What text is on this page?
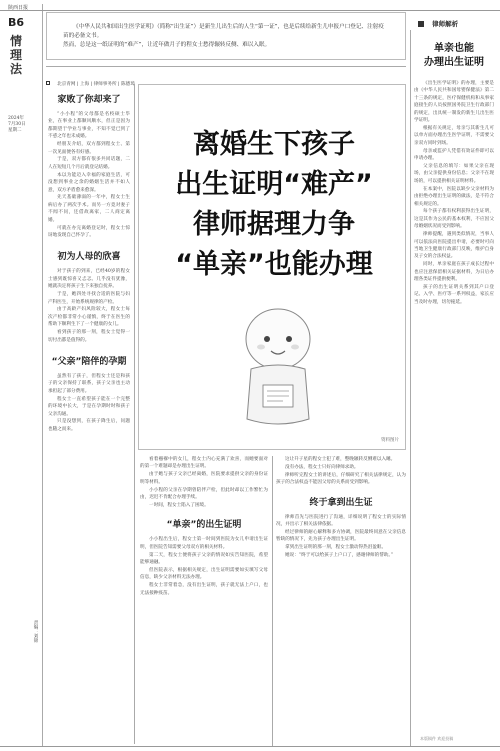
陕西日报
B6
情理法
2024年
7月30日
星期二
责编：刘锦
律师解析
《中华人民共和国出生医学证明》（简称“出生证”）是新生儿出生后的人生“第一证”，也是后续给新生儿申报户口登记、注射疫苗的必备文书。
然而，总是这一纸证明的“难产”，让近年做月子的程女士愁得辗转反侧、难以入眠。
北京青网 | 上海 | 律师事务所 | 陈德璋
家败了你却来了

“小小程”的父母都是名校硕士毕业，在事业上都顺风顺水，但正是因为都期望于学业与事业，不知不觉已到了不惑之年也未成婚。

经朋友介绍，双方都到程女士、第一次见面便各有好感。

于是，双方都有很多共同话题，二人在短短几个月后就登记结婚。

本以为能迈入幸福的家庭生活，可没想到事业之余的婚姻生活并不如人意，双方矛盾愈来愈深。

先天基础薄弱的一年中，程女士生病后办了两次手术。而另一方竟对妻子不闻不问，还借故离家，二人商定离婚。

可就在办完离婚登记时，程女士惊讶地发现自己怀孕了。

初为人母的欣喜

对于孩子的到来，已经40岁的程女士感到既惊喜又忐忑。几乎没有犹豫，她就决定将孩子生下来独自抚养。

于是，她四处寻找合适的医院与妇产科医生，开始系统规律的产检。

由于高龄产妇风险较大，程女士每次产检都非常小心谨慎，终于在医生的帮助下顺利生下了一个健康的女儿。

看到孩子的那一刻，程女士觉得一切付出都是值得的。

“父亲”陪伴的孕期

虽然有了孩子，但程女士还是和孩子的父亲保持了联系，孩子父亲也主动承担起了部分费用。

程女士一直希望孩子能在一个完整的环境中长大，于是在孕期时时和孩子父亲沟通。

只是没想到，在孩子降生后，问题也随之而来。

离婚生下孩子
出生证明“难产”
律师据理力争
“单亲”也能办理
资料图片

看着襁褓中的女儿，程女士内心充满了欢喜，而她要面对的第一个难题却是办理出生证明。

由于她与孩子父亲已经离婚，医院要求提供父亲的身份证明等材料。

小小程的父亲在孕期曾陪伴产检，但此时却以工作繁忙为由，迟迟不肯配合办理手续。

一时间，程女士陷入了困境。

“单亲”的出生证明

小小程出生后，程女士第一时间到医院为女儿申请出生证明，但医院告知需要父母双方的相关材料。

第二天，程女士便将孩子父亲的情况如实告知医院，希望能够通融。

但医院表示，根据相关规定，出生证明需要如实填写父母信息，缺少父亲材料无法办理。

程女士非常着急，没有出生证明，孩子就无法上户口，也无法接种疫苗。

这让升子星的程女士犯了难，整晚辗转反侧难以入睡。

没有办法，程女士只好向律师求助。

律师听完程女士的讲述后，仔细研究了相关法律规定，认为孩子的合法权益不能因父母的关系而受到影响。

终于拿到出生证

律师首先与医院进行了沟通，详细说明了程女士的实际情况，并出示了相关法律依据。

经过律师的耐心解释和多方协调，医院最终同意在父亲信息暂缺的情况下，先为孩子办理出生证明。

拿到出生证明的那一刻，程女士激动得热泪盈眶。

她说：“终于可以给孩子上户口了，感谢律师的帮助。”

单亲也能
办理出生证明

《出生医学证明》的办理，主要是由《中华人民共和国母婴保健法》第二十三条的规定，医疗保健机构和从事家庭接生的人员按照国务院卫生行政部门的规定，出具统一制发的新生儿出生医学证明。

根据有关规定，母亲与其新生儿可以单方面办理出生医学证明，不需要父亲双方同时到场。

母亲或监护人凭借有效证件即可以申请办理。

父亲信息的填写：如果父亲在现场，由父亲提供身份信息；父亲不在现场的，可以提供相关证明材料。

在本案中，医院以缺少父亲材料为由拒绝办理出生证明的做法，是不符合相关规定的。

每个孩子都有权利获得出生证明，这是其作为公民的基本权利，不应因父母婚姻状况而受到影响。

律师提醒，遇到类似情况，当事人可以依法向医院提出申请，必要时可向当地卫生健康行政部门反映，维护自身及子女的合法权益。

同时，单亲家庭在孩子成长过程中也应注意保留相关证据材料，为日后办理各类证件提供便利。

孩子的出生证明关系到其户口登记、入学、医疗等一系列权益，家长应当及时办理，切勿拖延。

本版稿件 欢迎投稿
